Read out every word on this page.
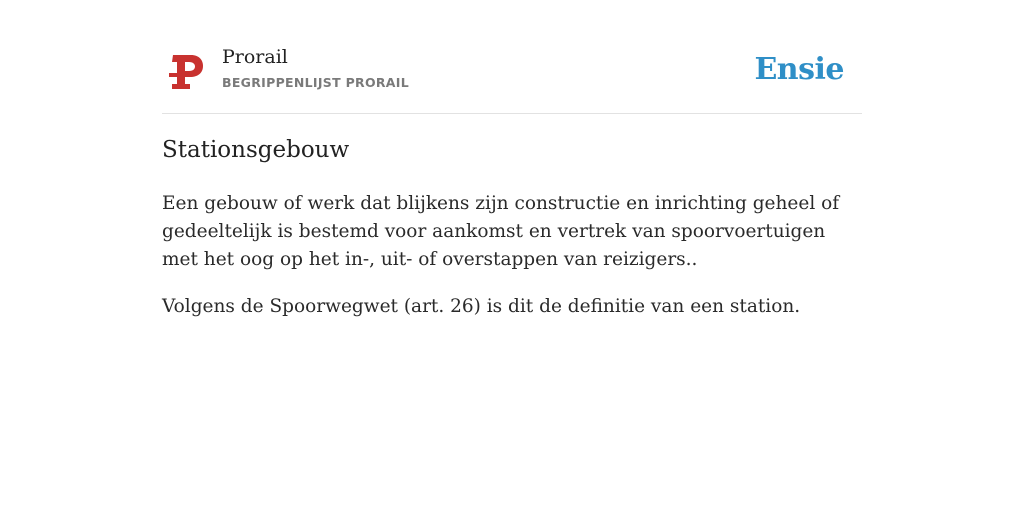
Prorail
BEGRIPPENLIJST PRORAIL	Ensie
Stationsgebouw

Een gebouw of werk dat blijkens zijn constructie en inrichting geheel of gedeeltelijk is bestemd voor aankomst en vertrek van spoorvoertuigen met het oog op het in-, uit- of overstappen van reizigers..

Volgens de Spoorwegwet (art. 26) is dit de definitie van een station.
